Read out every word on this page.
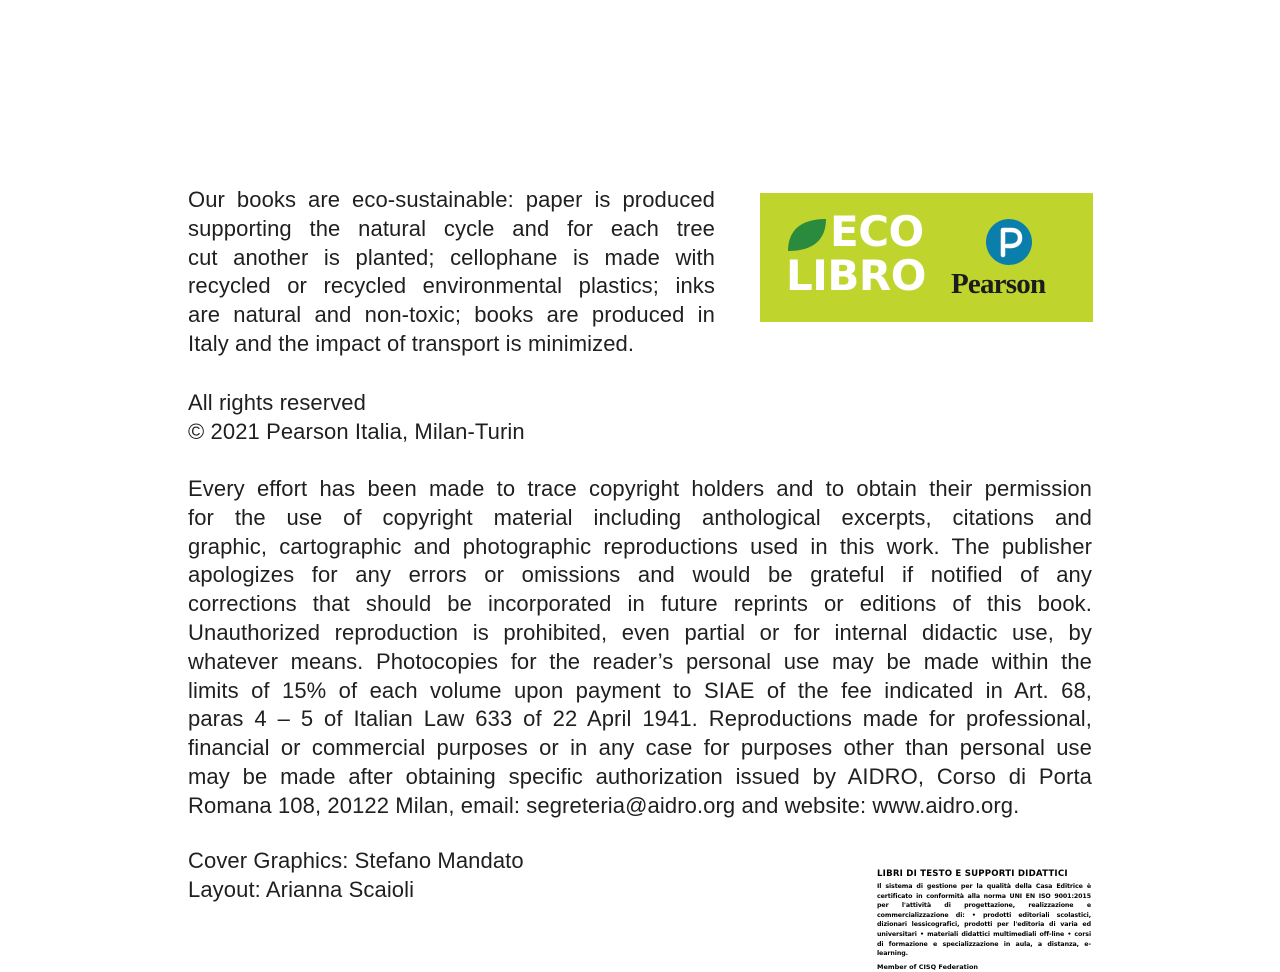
Our books are eco-sustainable: paper is produced
supporting the natural cycle and for each tree
cut another is planted; cellophane is made with
recycled or recycled environmental plastics; inks
are natural and non-toxic; books are produced in
Italy and the impact of transport is minimized.
ECO
LIBRO Pearson
All rights reserved
© 2021 Pearson Italia, Milan-Turin
Every effort has been made to trace copyright holders and to obtain their permission
for the use of copyright material including anthological excerpts, citations and
graphic, cartographic and photographic reproductions used in this work. The publisher
apologizes for any errors or omissions and would be grateful if notified of any
corrections that should be incorporated in future reprints or editions of this book.
Unauthorized reproduction is prohibited, even partial or for internal didactic use, by
whatever means. Photocopies for the reader’s personal use may be made within the
limits of 15% of each volume upon payment to SIAE of the fee indicated in Art. 68,
paras 4 – 5 of Italian Law 633 of 22 April 1941. Reproductions made for professional,
financial or commercial purposes or in any case for purposes other than personal use
may be made after obtaining specific authorization issued by AIDRO, Corso di Porta
Romana 108, 20122 Milan, email: segreteria@aidro.org and website: www.aidro.org.
Cover Graphics: Stefano Mandato
Layout: Arianna Scaioli
LIBRI DI TESTO E SUPPORTI DIDATTICI
Il sistema di gestione per la qualità della Casa Editrice è certificato in conformità alla norma UNI EN ISO 9001:2015 per l'attività di progettazione, realizzazione e commercializzazione di: • prodotti editoriali scolastici, dizionari lessicografici, prodotti per l'editoria di varia ed universitari • materiali didattici multimediali off-line • corsi di formazione e specializzazione in aula, a distanza, e-learning.
Member of CISQ Federation
